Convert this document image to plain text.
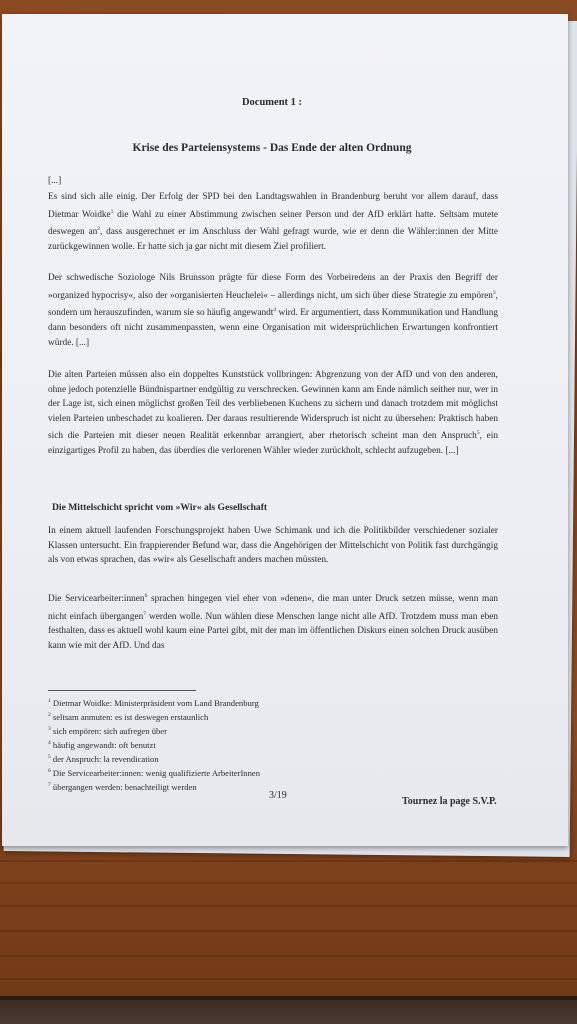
Document 1 :
Krise des Parteiensystems - Das Ende der alten Ordnung

[...]

Es sind sich alle einig. Der Erfolg der SPD bei den Landtagswahlen in Brandenburg beruht vor allem darauf, dass Dietmar Woidke$^1$ die Wahl zu einer Abstimmung zwischen seiner Person und der AfD erklärt hatte. Seltsam mutete deswegen $an^2$, dass ausgerechnet er im Anschluss der Wahl gefragt wurde, wie er denn die Wähler:innen der Mitte zurückgewinnen wolle. Er hatte sich ja gar nicht mit diesem Ziel profiliert.

Der schwedische Soziologe Nils Brunsson prägte für diese Form des Vorbeiredens an der Praxis den Begriff der »organized hypocrisy«, also der »organisierten Heuchelei« – allerdings nicht, um sich über diese Strategie zu empören$^3$, sondern um herauszufinden, warum sie so häufig angewandt$^4$ wird. Er argumentiert, dass Kommunikation und Handlung dann besonders oft nicht zusammenpassten, wenn eine Organisation mit widersprüchlichen Erwartungen konfrontiert würde. [...]

Die alten Parteien müssen also ein doppeltes Kunststück vollbringen: Abgrenzung von der AfD und von den anderen, ohne jedoch potenzielle Bündnispartner endgültig zu verschrecken. Gewinnen kann am Ende nämlich seither nur, wer in der Lage ist, sich einen möglichst großen Teil des verbliebenen Kuchens zu sichern und danach trotzdem mit möglichst vielen Parteien unbeschadet zu koalieren. Der daraus resultierende Widerspruch ist nicht zu übersehen: Praktisch haben sich die Parteien mit dieser neuen Realität erkennbar arrangiert, aber rhetorisch scheint man den Anspruch$^5$, ein einzigartiges Profil zu haben, das überdies die verlorenen Wähler wieder zurückholt, schlecht aufzugeben. [...]

Die Mittelschicht spricht vom »Wir« als Gesellschaft

In einem aktuell laufenden Forschungsprojekt haben Uwe Schimank und ich die Politikbilder verschiedener sozialer Klassen untersucht. Ein frappierender Befund war, dass die Angehörigen der Mittelschicht von Politik fast durchgängig als von etwas sprachen, das »wir« als Gesellschaft anders machen müssten.

Die Servicearbeiter:innen$^6$ sprachen hingegen viel eher von »denen«, die man unter Druck setzen müsse, wenn man nicht einfach übergangen$^7$ werden wolle. Nun wählen diese Menschen lange nicht alle AfD. Trotzdem muss man eben festhalten, dass es aktuell wohl kaum eine Partei gibt, mit der man im öffentlichen Diskurs einen solchen Druck ausüben kann wie mit der AfD. Und das

$^1$ Dietmar Woidke: Ministerpräsident vom Land Brandenburg
$^2$ seltsam anmuten: es ist deswegen erstaunlich
$^3$ sich empören: sich aufregen über
$^4$ häufig angewandt: oft benutzt
$^5$ der Anspruch: la revendication
$^6$ Die Servicearbeiter:innen: wenig qualifizierte ArbeiterInnen
$^7$ übergangen werden: benachteiligt werden
3/19
Tournez la page S.V.P.
